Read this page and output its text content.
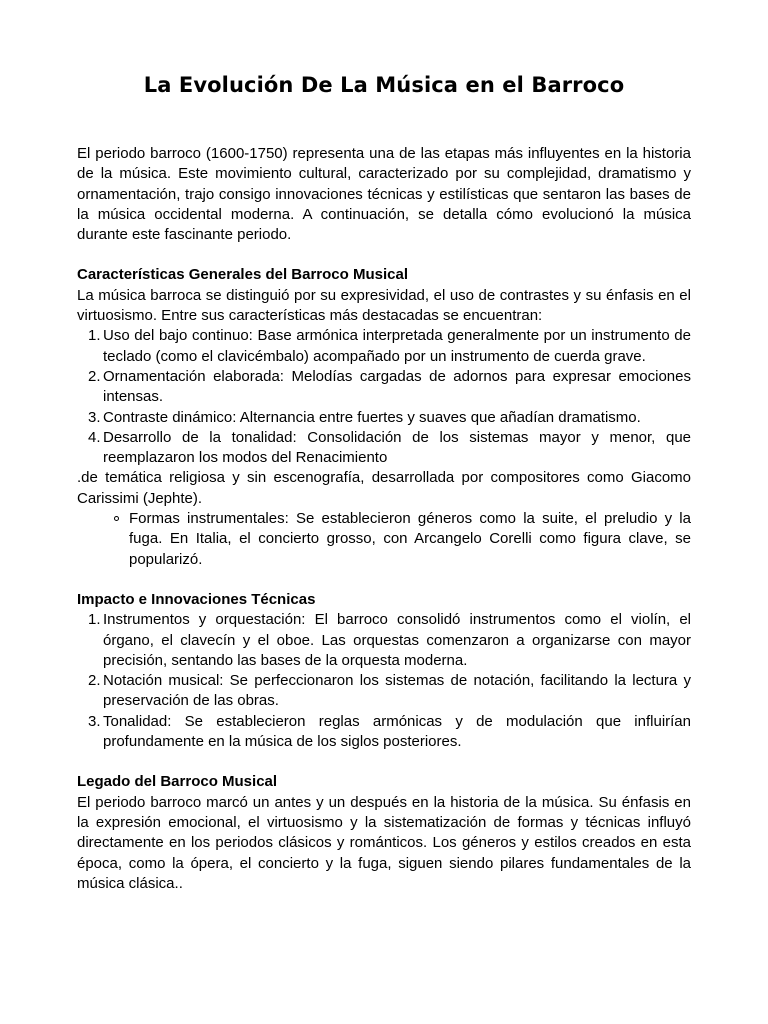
La Evolución De La Música en el Barroco

El periodo barroco (1600-1750) representa una de las etapas más influyentes en la historia de la música. Este movimiento cultural, caracterizado por su complejidad, dramatismo y ornamentación, trajo consigo innovaciones técnicas y estilísticas que sentaron las bases de la música occidental moderna. A continuación, se detalla cómo evolucionó la música durante este fascinante periodo.

Características Generales del Barroco Musical

La música barroca se distinguió por su expresividad, el uso de contrastes y su énfasis en el virtuosismo. Entre sus características más destacadas se encuentran:

1. Uso del bajo continuo: Base armónica interpretada generalmente por un instrumento de teclado (como el clavicémbalo) acompañado por un instrumento de cuerda grave.
2. Ornamentación elaborada: Melodías cargadas de adornos para expresar emociones intensas.
3. Contraste dinámico: Alternancia entre fuertes y suaves que añadían dramatismo.
4. Desarrollo de la tonalidad: Consolidación de los sistemas mayor y menor, que reemplazaron los modos del Renacimiento

.de temática religiosa y sin escenografía, desarrollada por compositores como Giacomo Carissimi (Jephte).

Formas instrumentales: Se establecieron géneros como la suite, el preludio y la fuga. En Italia, el concierto grosso, con Arcangelo Corelli como figura clave, se popularizó.
Impacto e Innovaciones Técnicas
1. Instrumentos y orquestación: El barroco consolidó instrumentos como el violín, el órgano, el clavecín y el oboe. Las orquestas comenzaron a organizarse con mayor precisión, sentando las bases de la orquesta moderna.
2. Notación musical: Se perfeccionaron los sistemas de notación, facilitando la lectura y preservación de las obras.
3. Tonalidad: Se establecieron reglas armónicas y de modulación que influirían profundamente en la música de los siglos posteriores.
Legado del Barroco Musical

El periodo barroco marcó un antes y un después en la historia de la música. Su énfasis en la expresión emocional, el virtuosismo y la sistematización de formas y técnicas influyó directamente en los periodos clásicos y románticos. Los géneros y estilos creados en esta época, como la ópera, el concierto y la fuga, siguen siendo pilares fundamentales de la música clásica..
